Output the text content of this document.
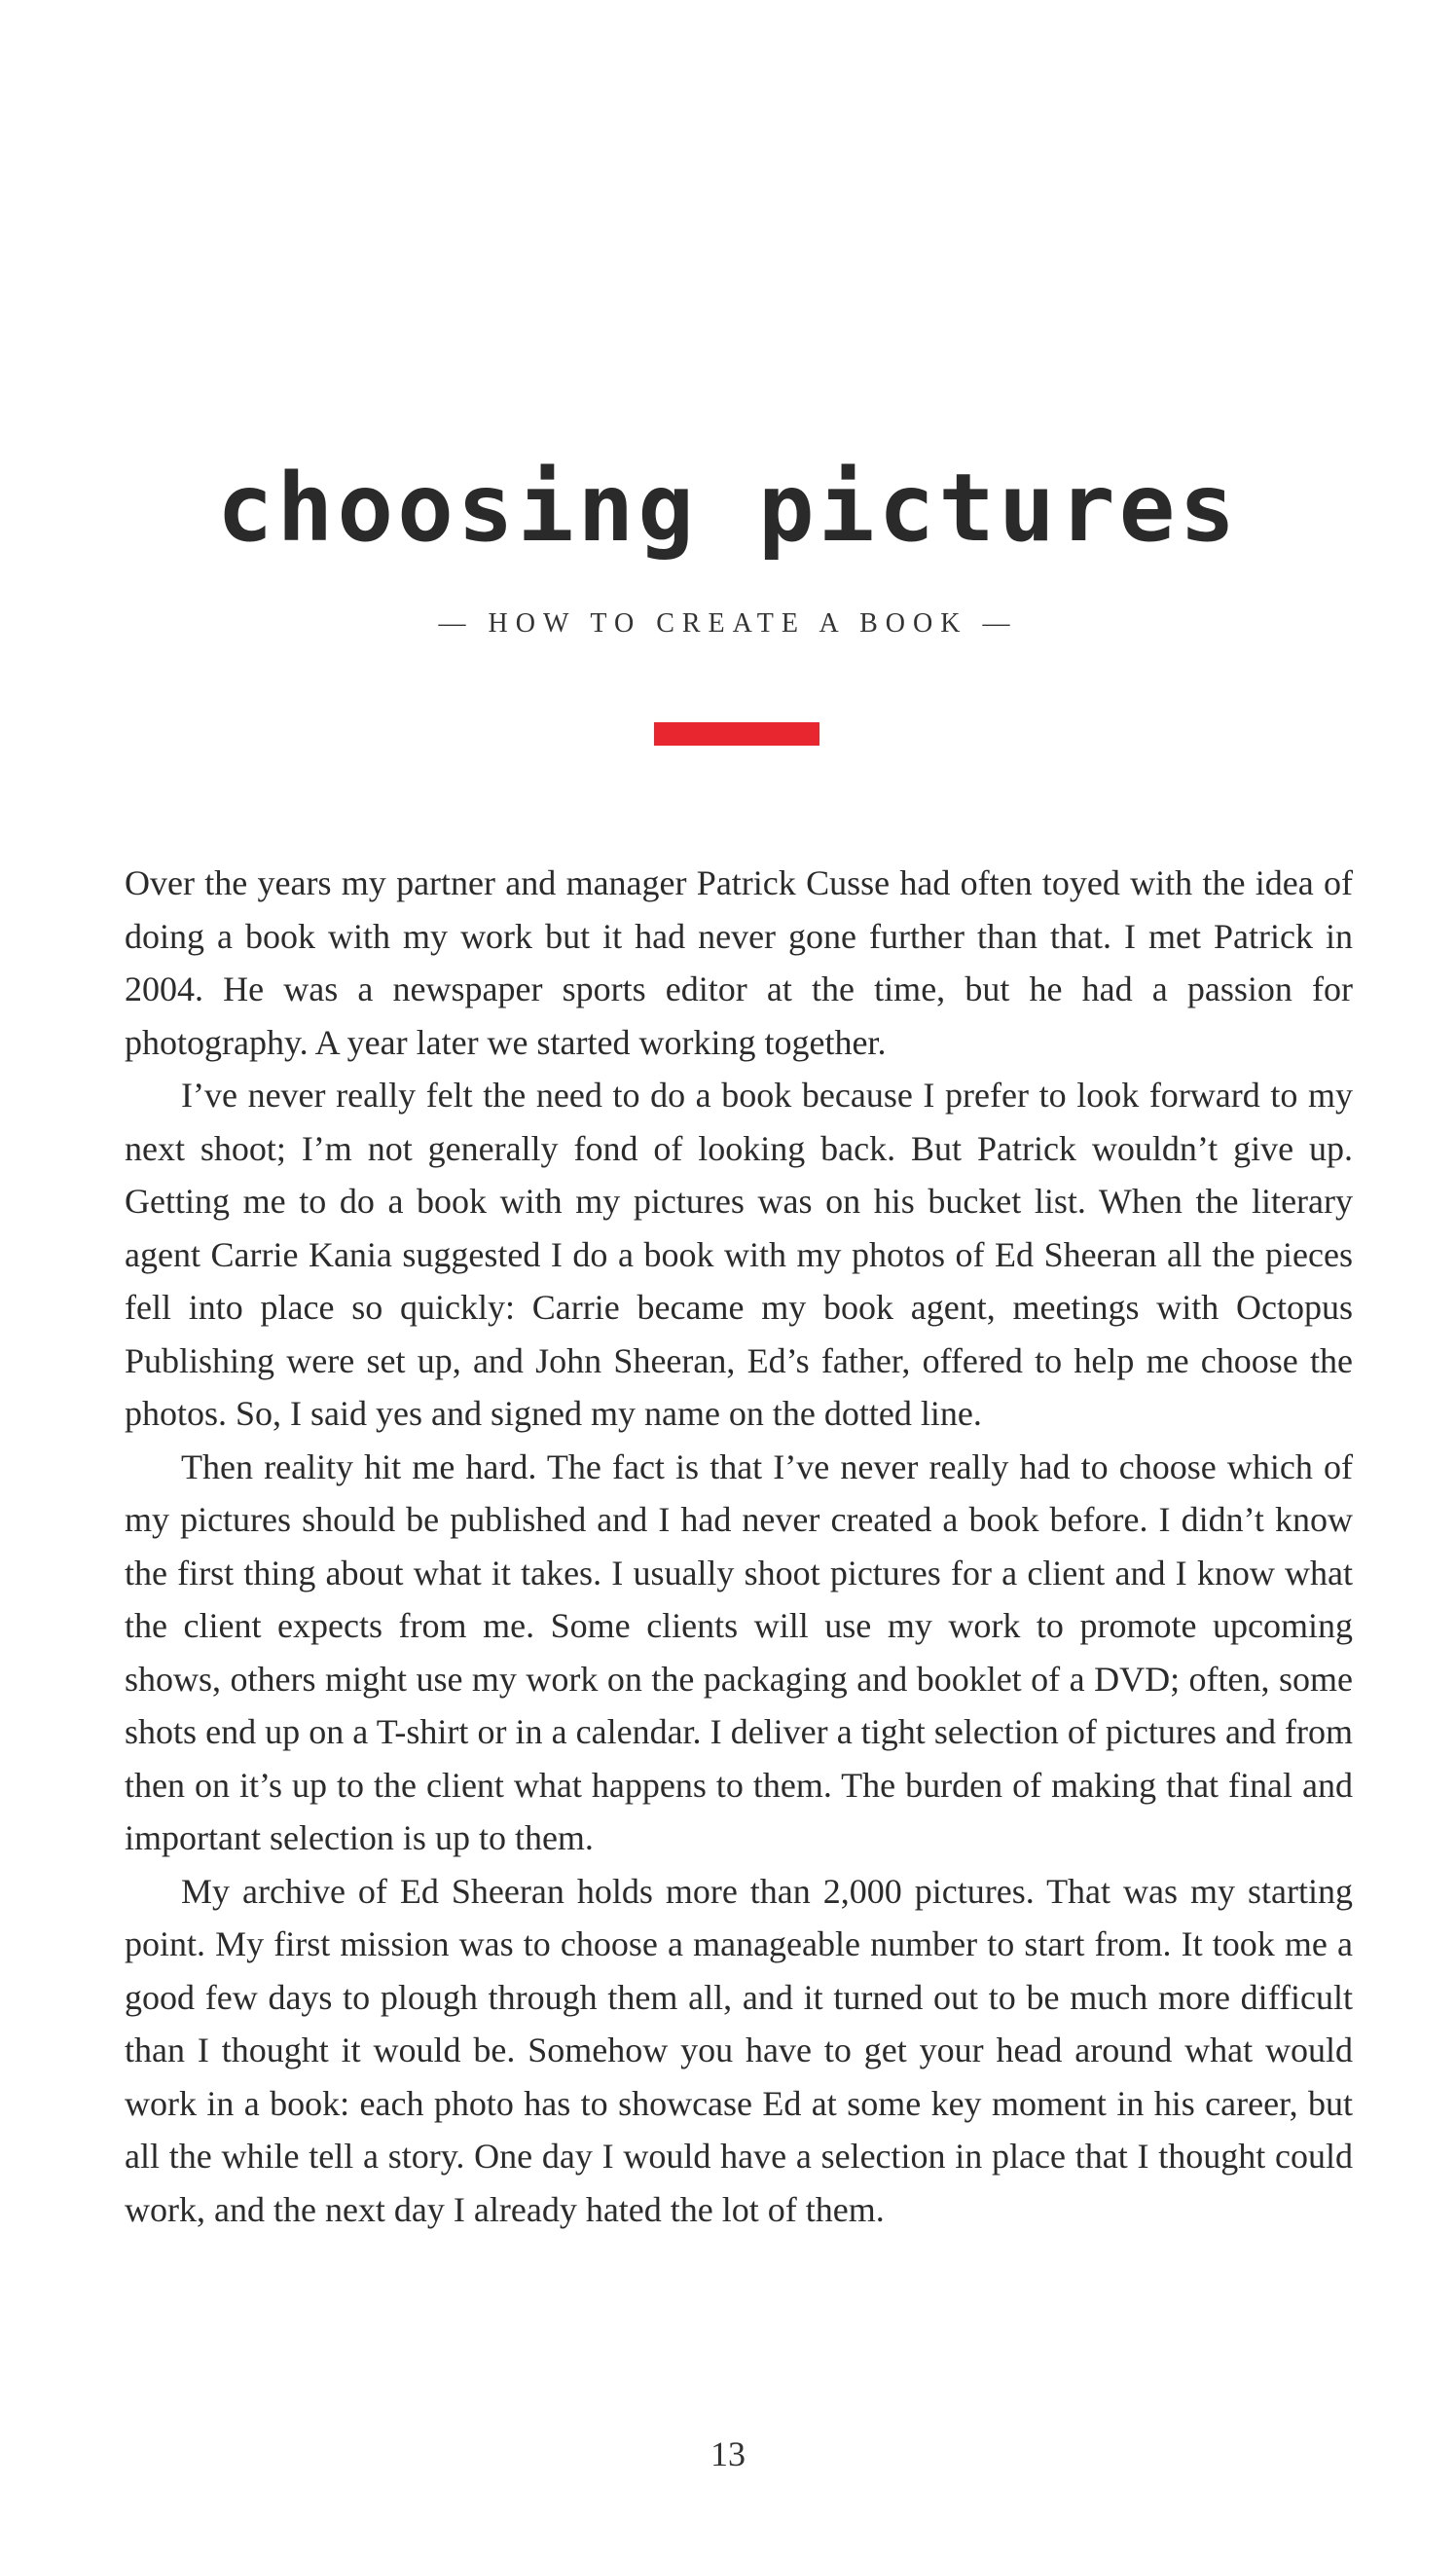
choosing pictures
— HOW TO CREATE A BOOK —

Over the years my partner and manager Patrick Cusse had often toyed with the idea of doing a book with my work but it had never gone further than that. I met Patrick in 2004. He was a newspaper sports editor at the time, but he had a passion for photography. A year later we started working together.

I’ve never really felt the need to do a book because I prefer to look forward to my next shoot; I’m not generally fond of looking back. But Patrick wouldn’t give up. Getting me to do a book with my pictures was on his bucket list. When the literary agent Carrie Kania suggested I do a book with my photos of Ed Sheeran all the pieces fell into place so quickly: Carrie became my book agent, meetings with Octopus Publishing were set up, and John Sheeran, Ed’s father, offered to help me choose the photos. So, I said yes and signed my name on the dotted line.

Then reality hit me hard. The fact is that I’ve never really had to choose which of my pictures should be published and I had never created a book before. I didn’t know the first thing about what it takes. I usually shoot pictures for a client and I know what the client expects from me. Some clients will use my work to promote upcoming shows, others might use my work on the packaging and booklet of a DVD; often, some shots end up on a T-shirt or in a calendar. I deliver a tight selection of pictures and from then on it’s up to the client what happens to them. The burden of making that final and important selection is up to them.

My archive of Ed Sheeran holds more than 2,000 pictures. That was my starting point. My first mission was to choose a manageable number to start from. It took me a good few days to plough through them all, and it turned out to be much more difficult than I thought it would be. Somehow you have to get your head around what would work in a book: each photo has to showcase Ed at some key moment in his career, but all the while tell a story. One day I would have a selection in place that I thought could work, and the next day I already hated the lot of them.

13
